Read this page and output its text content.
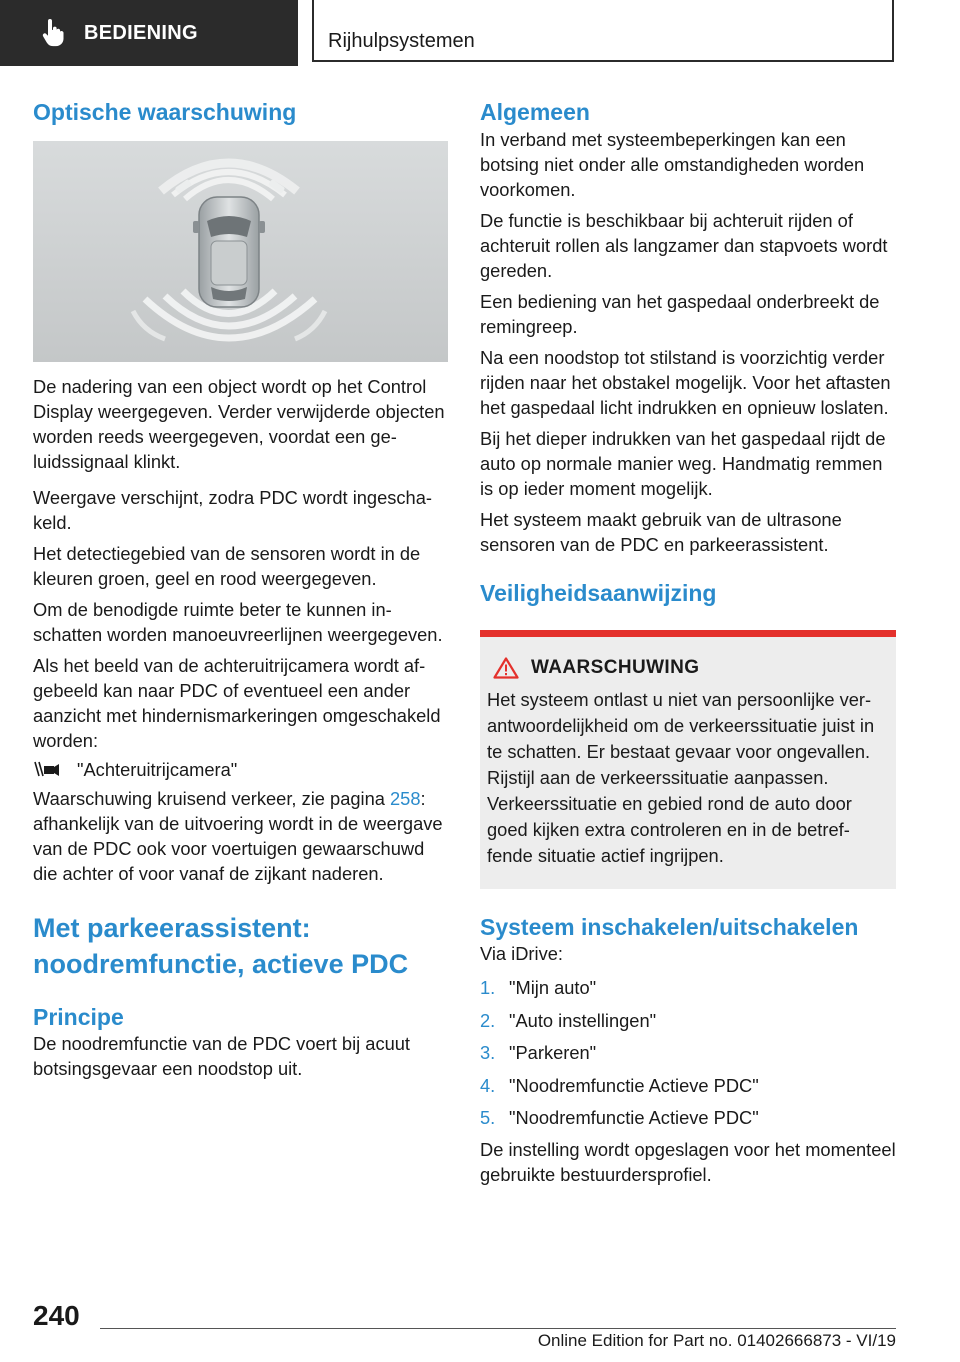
BEDIENING	Rijhulpsystemen
Optische waarschuwing

De nadering van een object wordt op het Control Display weergegeven. Verder verwijderde objecten worden reeds weergegeven, voordat een geluidssignaal klinkt.

Weergave verschijnt, zodra PDC wordt ingeschakeld.

Het detectiegebied van de sensoren wordt in de kleuren groen, geel en rood weergegeven.

Om de benodigde ruimte beter te kunnen inschatten worden manoeuvreerlijnen weergegeven.

Als het beeld van de achteruitrijcamera wordt afgebeeld kan naar PDC of eventueel een ander aanzicht met hindernismarkeringen omgeschakeld worden:

"Achteruitrijcamera"

Waarschuwing kruisend verkeer, zie pagina 258: afhankelijk van de uitvoering wordt in de weergave van de PDC ook voor voertuigen gewaarschuwd die achter of voor vanaf de zijkant naderen.

Met parkeerassistent:
noodremfunctie, actieve PDC
Principe

De noodremfunctie van de PDC voert bij acuut botsingsgevaar een noodstop uit.

Algemeen

In verband met systeembeperkingen kan een botsing niet onder alle omstandigheden worden voorkomen.

De functie is beschikbaar bij achteruit rijden of achteruit rollen als langzamer dan stapvoets wordt gereden.

Een bediening van het gaspedaal onderbreekt de remingreep.

Na een noodstop tot stilstand is voorzichtig verder rijden naar het obstakel mogelijk. Voor het aftasten het gaspedaal licht indrukken en opnieuw loslaten.

Bij het dieper indrukken van het gaspedaal rijdt de auto op normale manier weg. Handmatig remmen is op ieder moment mogelijk.

Het systeem maakt gebruik van de ultrasone sensoren van de PDC en parkeerassistent.

Veiligheidsaanwijzing
WAARSCHUWING

Het systeem ontlast u niet van persoonlijke verantwoordelijkheid om de verkeerssituatie juist in te schatten. Er bestaat gevaar voor ongevallen. Rijstijl aan de verkeerssituatie aanpassen. Verkeerssituatie en gebied rond de auto door goed kijken extra controleren en in de betreffende situatie actief ingrijpen.

Systeem inschakelen/uitschakelen

Via iDrive:

1. "Mijn auto"
2. "Auto instellingen"
3. "Parkeren"
4. "Noodremfunctie Actieve PDC"
5. "Noodremfunctie Actieve PDC"

De instelling wordt opgeslagen voor het momenteel gebruikte bestuurdersprofiel.

240
Online Edition for Part no. 01402666873 - VI/19
